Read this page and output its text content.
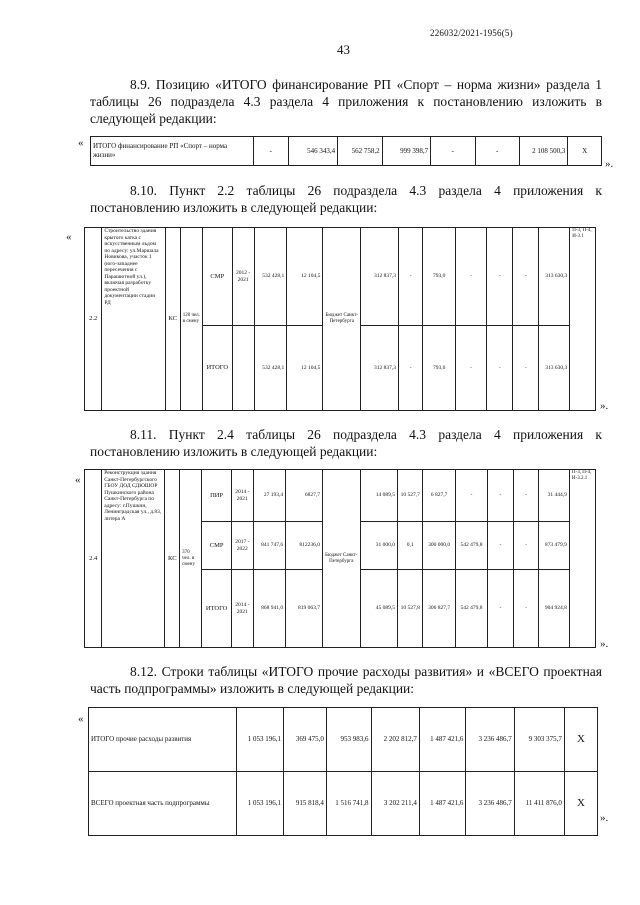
226032/2021-1956(5)
43
8.9. Позицию «ИТОГО финансирование РП «Спорт – норма жизни» раздела 1 таблицы 26 подраздела 4.3 раздела 4 приложения к постановлению изложить в следующей редакции:
« ИТОГО финансирование РП «Спорт – норма жизни»	-	546 343,4	562 758,2	999 398,7	-	-	2 108 500,3	X
».
8.10. Пункт 2.2 таблицы 26 подраздела 4.3 раздела 4 приложения к постановлению изложить в следующей редакции:
«
2.2	Строительство здания крытого катка с искусственным льдом по адресу: ул.Маршала Новикова, участок 1 (юго-западнее пересечения с Парашютной ул.), включая разработку проектной документации стадии РД	КС	120 чел. в смену	СМР	2012 - 2021	532 428,1	12 104,5	Бюджет Санкт-Петербурга	312 837,3	-	793,0	-	-	-	313 630,3	П-3, П-4, И-3.1
				ИТОГО		532 428,1	12 104,5		312 837,3	-	793,0	-	-	-	313 630,3	
».
8.11. Пункт 2.4 таблицы 26 подраздела 4.3 раздела 4 приложения к постановлению изложить в следующей редакции:
«
2.4	Реконструкция здания Санкт-Петербургского ГБОУ ДОД СДЮШОР Пушкинского района Санкт-Петербурга по адресу: г.Пушкин, Ленинградская ул., д.83, литера А	КС	370 чел. в смену	ПИР	2014 - 2021	27 193,4	6827,7	Бюджет Санкт-Петербурга	14 089,5	10 527,7	6 827,7	-	-	-	31 444,9	П-3, П-4, И-3.2.1
				СМР	2017 - 2022	841 747,6	812236,0		31 000,0	0,1	300 000,0	542 479,8	-	-	873 479,9	
				ИТОГО	2014 - 2021	868 941,0	819 063,7		45 089,5	10 527,8	306 827,7	542 479,8	-	-	904 924,8	
».
8.12. Строки таблицы «ИТОГО прочие расходы развития» и «ВСЕГО проектная часть подпрограммы» изложить в следующей редакции:
«
ИТОГО прочие расходы развития	1 053 196,1	369 475,0	953 983,6	2 202 812,7	1 487 421,6	3 236 486,7	9 303 375,7	X
ВСЕГО проектная часть подпрограммы	1 053 196,1	915 818,4	1 516 741,8	3 202 211,4	1 487 421,6	3 236 486,7	11 411 876,0	X
».
